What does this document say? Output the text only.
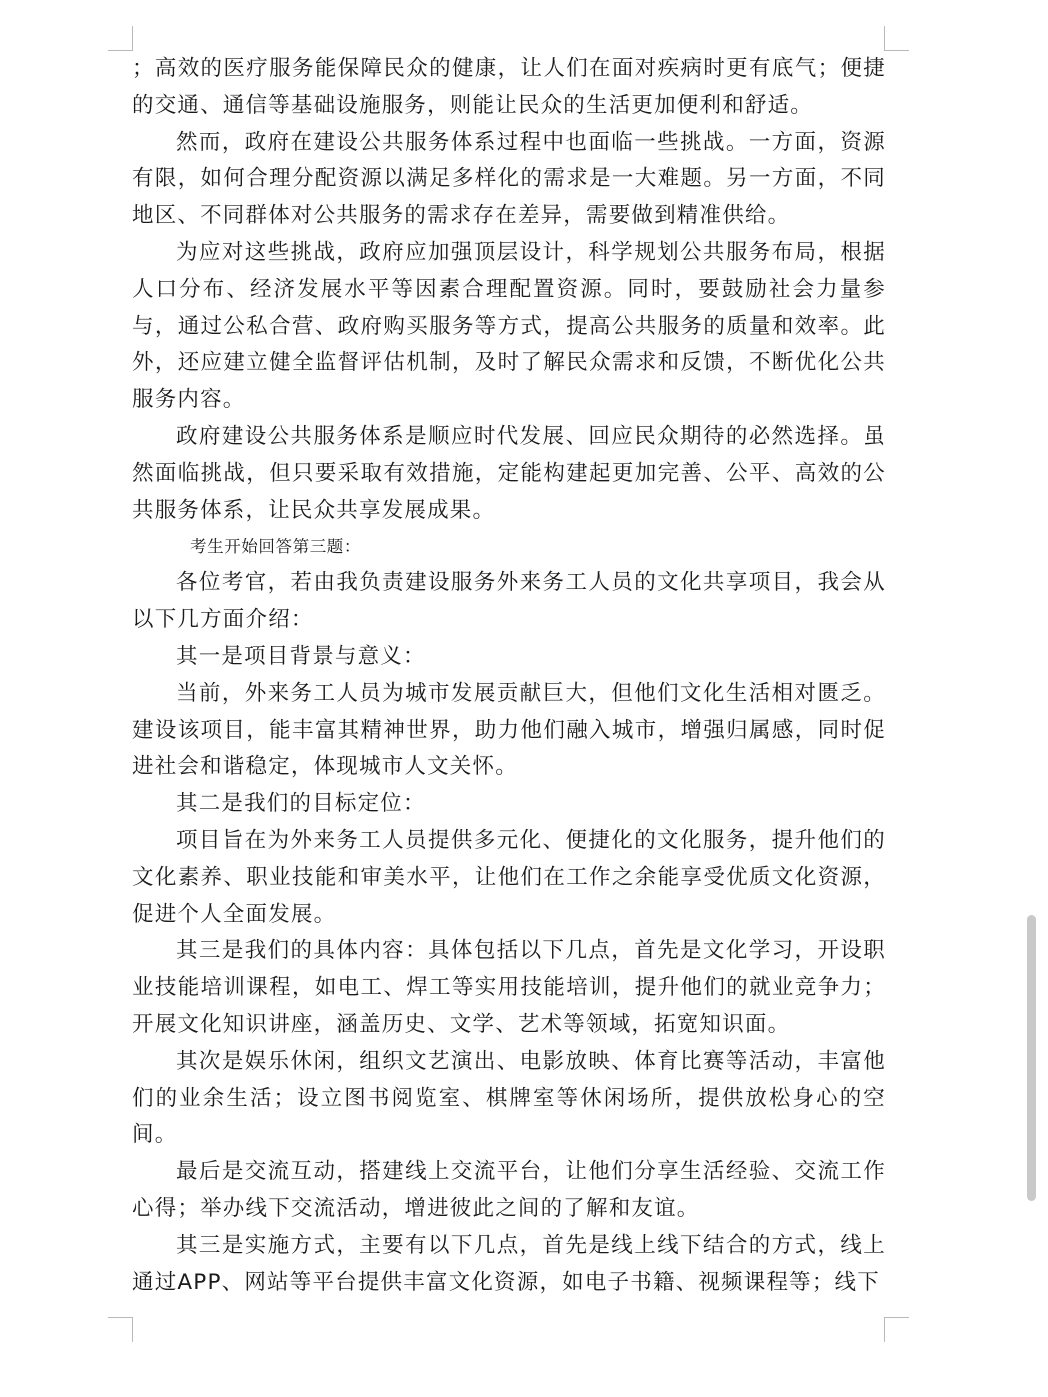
；高效的医疗服务能保障民众的健康，让人们在面对疾病时更有底气；便捷的交通、通信等基础设施服务，则能让民众的生活更加便利和舒适。

然而，政府在建设公共服务体系过程中也面临一些挑战。一方面，资源有限，如何合理分配资源以满足多样化的需求是一大难题。另一方面，不同地区、不同群体对公共服务的需求存在差异，需要做到精准供给。

为应对这些挑战，政府应加强顶层设计，科学规划公共服务布局，根据人口分布、经济发展水平等因素合理配置资源。同时，要鼓励社会力量参与，通过公私合营、政府购买服务等方式，提高公共服务的质量和效率。此外，还应建立健全监督评估机制，及时了解民众需求和反馈，不断优化公共服务内容。

政府建设公共服务体系是顺应时代发展、回应民众期待的必然选择。虽然面临挑战，但只要采取有效措施，定能构建起更加完善、公平、高效的公共服务体系，让民众共享发展成果。

考生开始回答第三题：

各位考官，若由我负责建设服务外来务工人员的文化共享项目，我会从以下几方面介绍：

其一是项目背景与意义：

当前，外来务工人员为城市发展贡献巨大，但他们文化生活相对匮乏。建设该项目，能丰富其精神世界，助力他们融入城市，增强归属感，同时促进社会和谐稳定，体现城市人文关怀。

其二是我们的目标定位：

项目旨在为外来务工人员提供多元化、便捷化的文化服务，提升他们的文化素养、职业技能和审美水平，让他们在工作之余能享受优质文化资源，促进个人全面发展。

其三是我们的具体内容：具体包括以下几点，首先是文化学习，开设职业技能培训课程，如电工、焊工等实用技能培训，提升他们的就业竞争力；开展文化知识讲座，涵盖历史、文学、艺术等领域，拓宽知识面。

其次是娱乐休闲，组织文艺演出、电影放映、体育比赛等活动，丰富他们的业余生活；设立图书阅览室、棋牌室等休闲场所，提供放松身心的空间。

最后是交流互动，搭建线上交流平台，让他们分享生活经验、交流工作心得；举办线下交流活动，增进彼此之间的了解和友谊。

其三是实施方式，主要有以下几点，首先是线上线下结合的方式，线上通过APP、网站等平台提供丰富文化资源，如电子书籍、视频课程等；线下
